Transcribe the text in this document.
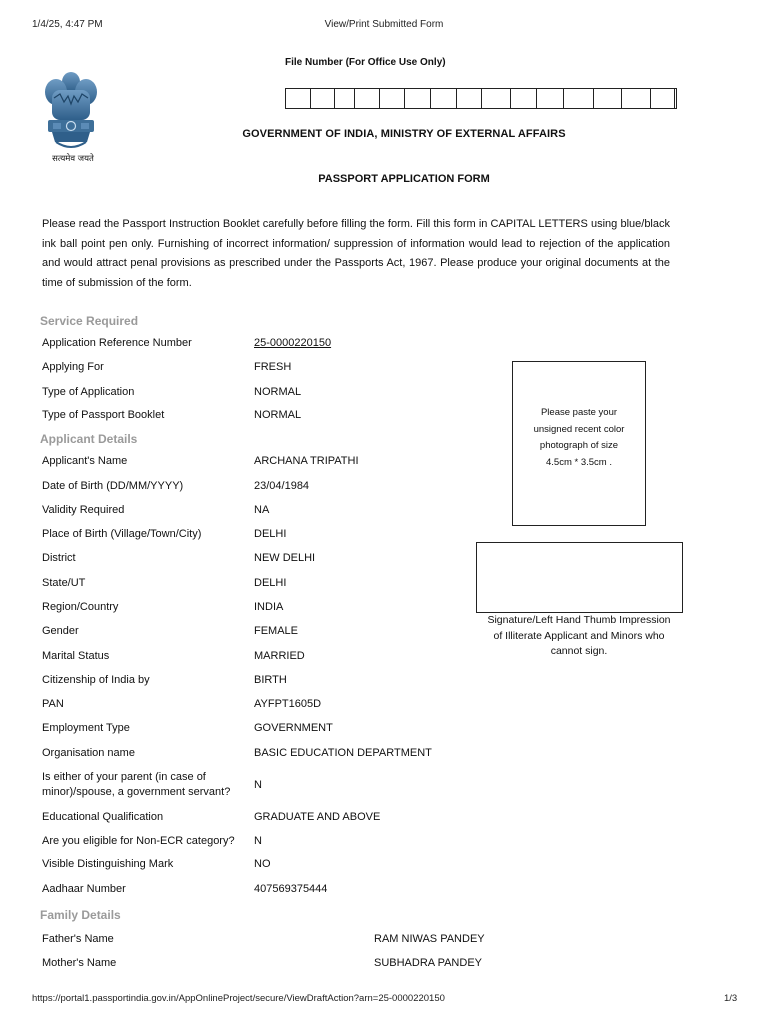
1/4/25, 4:47 PM	View/Print Submitted Form
सत्यमेव जयते
File Number (For Office Use Only)
GOVERNMENT OF INDIA, MINISTRY OF EXTERNAL AFFAIRS
PASSPORT APPLICATION FORM
Please read the Passport Instruction Booklet carefully before filling the form. Fill this form in CAPITAL LETTERS using blue/black ink ball point pen only. Furnishing of incorrect information/ suppression of information would lead to rejection of the application and would attract penal provisions as prescribed under the Passports Act, 1967. Please produce your original documents at the time of submission of the form.
Service Required
Application Reference Number	25-0000220150
Applying For	FRESH
Type of Application	NORMAL
Type of Passport Booklet	NORMAL
Applicant Details
Applicant's Name	ARCHANA TRIPATHI
Date of Birth (DD/MM/YYYY)	23/04/1984
Validity Required	NA
Place of Birth (Village/Town/City)	DELHI
District	NEW DELHI
State/UT	DELHI
Region/Country	INDIA
Gender	FEMALE
Marital Status	MARRIED
Citizenship of India by	BIRTH
PAN	AYFPT1605D
Employment Type	GOVERNMENT
Organisation name	BASIC EDUCATION DEPARTMENT
Is either of your parent (in case of
minor)/spouse, a government servant?
N
Educational Qualification	GRADUATE AND ABOVE
Are you eligible for Non-ECR category? N
Visible Distinguishing Mark	NO
Aadhaar Number	407569375444
Please paste your
unsigned recent color
photograph of size
4.5cm * 3.5cm .
Signature/Left Hand Thumb Impression
of Illiterate Applicant and Minors who
cannot sign.
Family Details
Father's Name	RAM NIWAS PANDEY
Mother's Name	SUBHADRA PANDEY
https://portal1.passportindia.gov.in/AppOnlineProject/secure/ViewDraftAction?arn=25-0000220150	1/3
